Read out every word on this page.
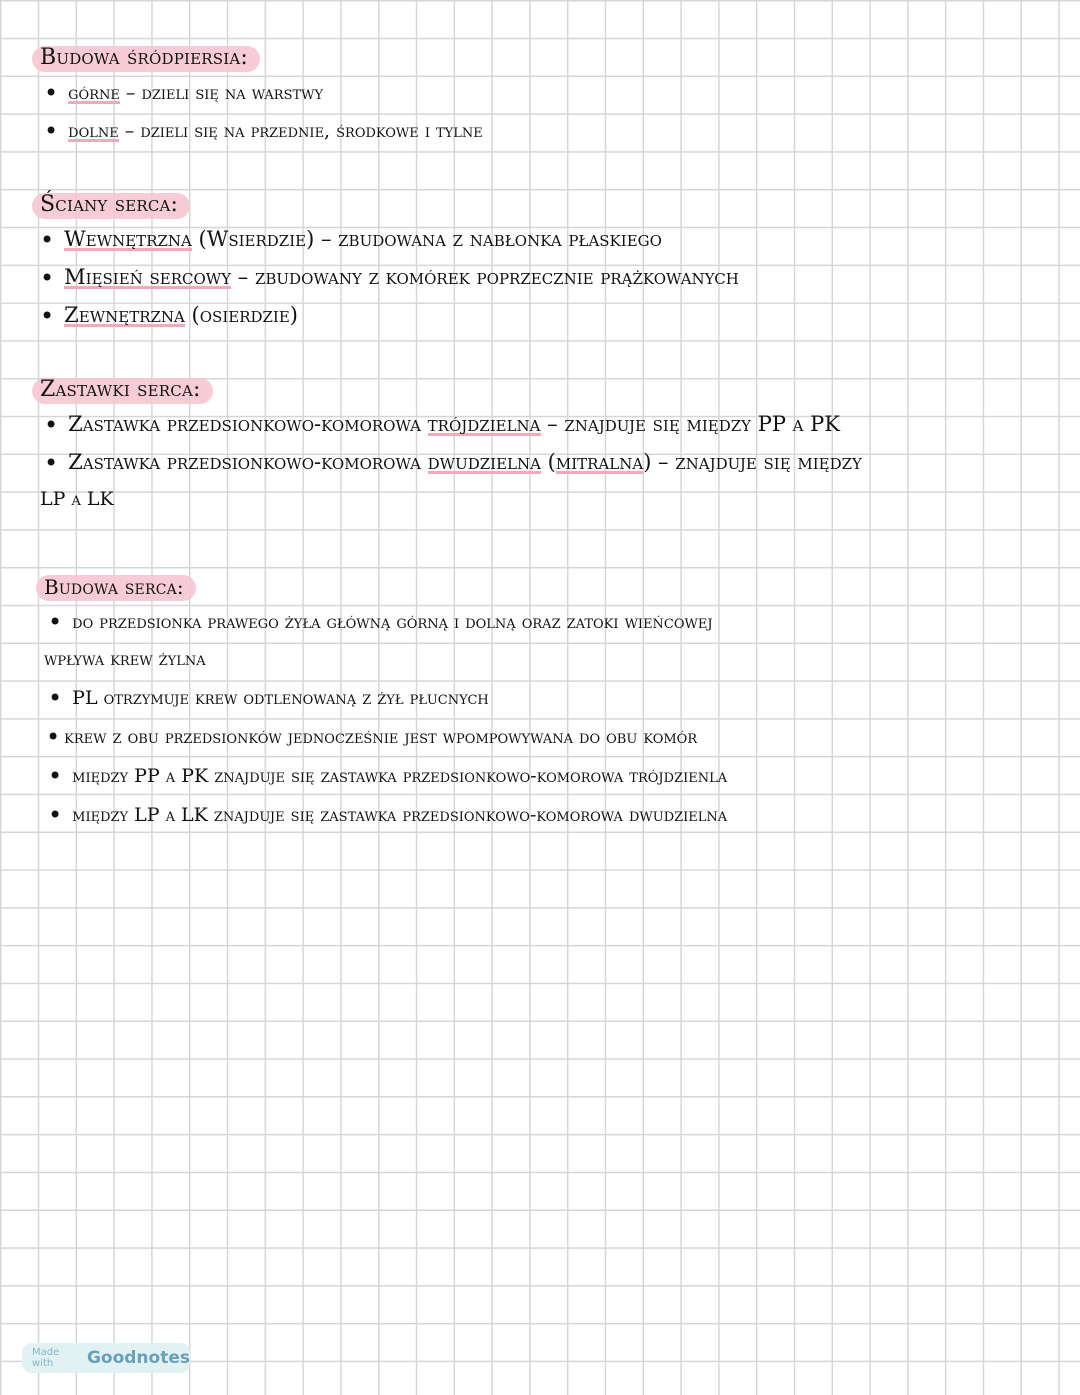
Budowa śródpiersia:
• górne – dzieli się na warstwy
• dolne – dzieli się na przednie, środkowe i tylne
Ściany serca:
• Wewnętrzna (Wsierdzie) – zbudowana z nabłonka płaskiego
• Mięsień sercowy – zbudowany z komórek poprzecznie prążkowanych
• Zewnętrzna (osierdzie)
Zastawki serca:
• Zastawka przedsionkowo-komorowa trójdzielna – znajduje się między PP a PK
• Zastawka przedsionkowo-komorowa dwudzielna (mitralna) – znajduje się między
LP a LK
Budowa serca:
• do przedsionka prawego żyła główną górną i dolną oraz zatoki wieńcowej
wpływa krew żylna
• PL otrzymuje krew odtlenowaną z żył płucnych
• krew z obu przedsionków jednocześnie jest wpompowywana do obu komór
• między PP a PK znajduje się zastawka przedsionkowo-komorowa trójdzienla
• między LP a LK znajduje się zastawka przedsionkowo-komorowa dwudzielna
Made with	Goodnotes
